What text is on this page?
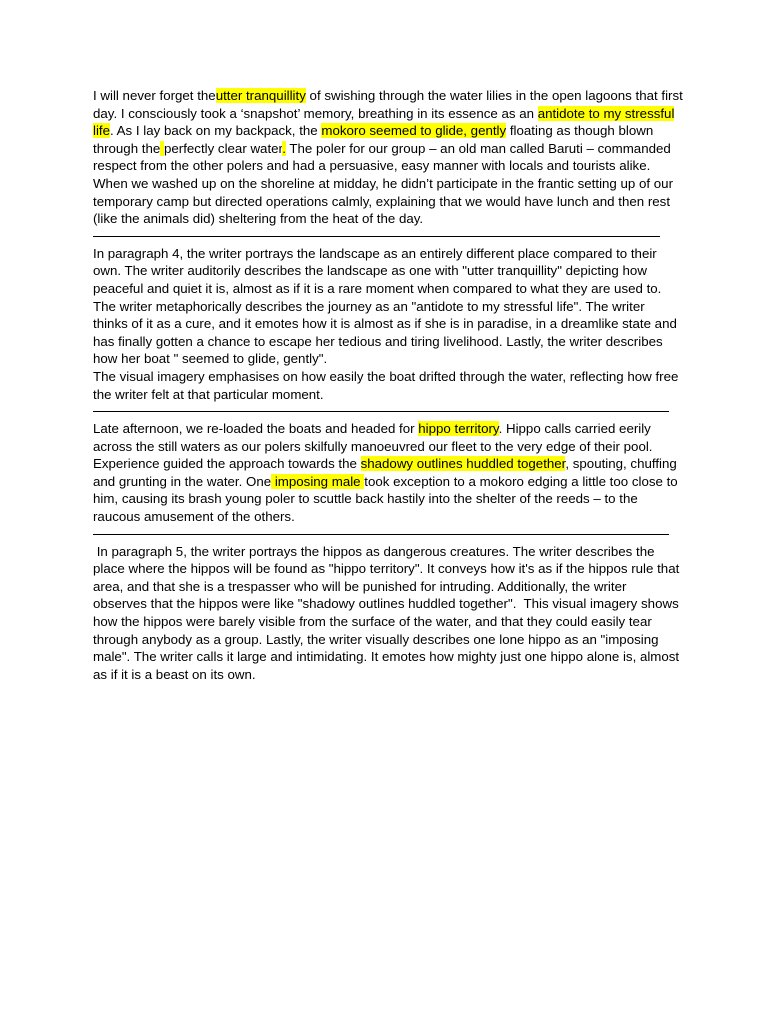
I will never forget theutter tranquillity of swishing through the water lilies in the open lagoons that first day. I consciously took a ‘snapshot’ memory, breathing in its essence as an antidote to my stressful life. As I lay back on my backpack, the mokoro seemed to glide, gently floating as though blown through the perfectly clear water. The poler for our group – an old man called Baruti – commanded respect from the other polers and had a persuasive, easy manner with locals and tourists alike. When we washed up on the shoreline at midday, he didn’t participate in the frantic setting up of our temporary camp but directed operations calmly, explaining that we would have lunch and then rest (like the animals did) sheltering from the heat of the day.

In paragraph 4, the writer portrays the landscape as an entirely different place compared to their own. The writer auditorily describes the landscape as one with "utter tranquillity" depicting how peaceful and quiet it is, almost as if it is a rare moment when compared to what they are used to. The writer metaphorically describes the journey as an "antidote to my stressful life". The writer thinks of it as a cure, and it emotes how it is almost as if she is in paradise, in a dreamlike state and has finally gotten a chance to escape her tedious and tiring livelihood. Lastly, the writer describes how her boat " seemed to glide, gently".
The visual imagery emphasises on how easily the boat drifted through the water, reflecting how free the writer felt at that particular moment.

Late afternoon, we re-loaded the boats and headed for hippo territory. Hippo calls carried eerily across the still waters as our polers skilfully manoeuvred our fleet to the very edge of their pool. Experience guided the approach towards the shadowy outlines huddled together, spouting, chuffing and grunting in the water. One imposing male took exception to a mokoro edging a little too close to him, causing its brash young poler to scuttle back hastily into the shelter of the reeds – to the raucous amusement of the others.

In paragraph 5, the writer portrays the hippos as dangerous creatures. The writer describes the place where the hippos will be found as "hippo territory". It conveys how it's as if the hippos rule that area, and that she is a trespasser who will be punished for intruding. Additionally, the writer observes that the hippos were like "shadowy outlines huddled together".  This visual imagery shows how the hippos were barely visible from the surface of the water, and that they could easily tear through anybody as a group. Lastly, the writer visually describes one lone hippo as an "imposing male". The writer calls it large and intimidating. It emotes how mighty just one hippo alone is, almost as if it is a beast on its own.
